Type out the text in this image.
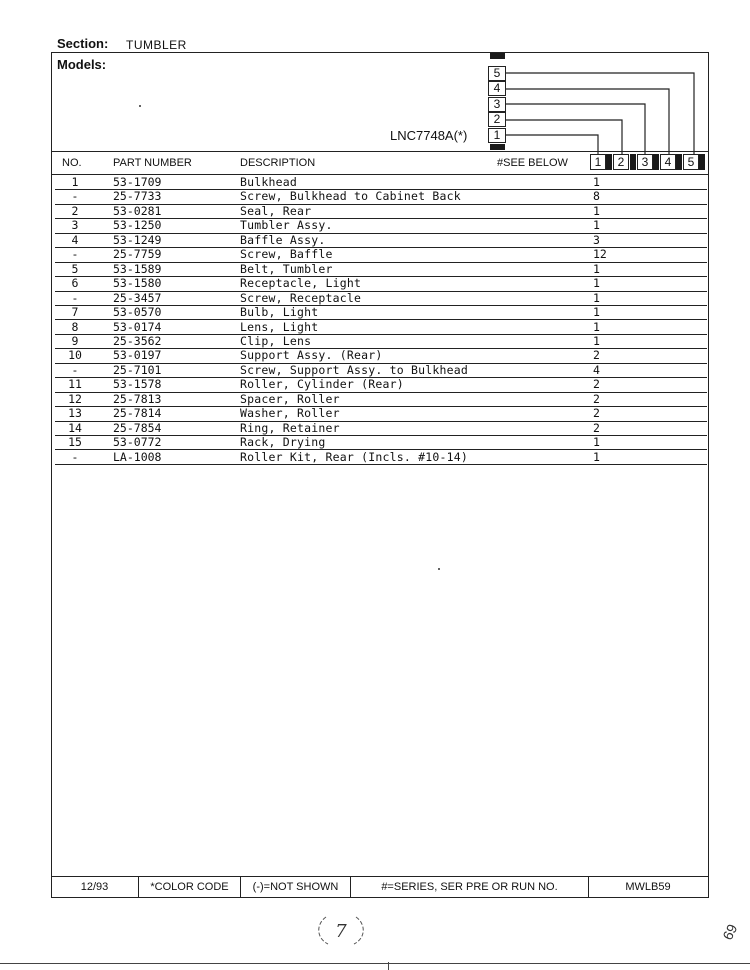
Section: TUMBLER
Models:
LNC7748A(*)
5
4
3
2
1
NO.	PART NUMBER	DESCRIPTION	#SEE BELOW	1	2	3	4	5
1	53-1709	Bulkhead	1
-	25-7733	Screw, Bulkhead to Cabinet Back	8
2	53-0281	Seal, Rear	1
3	53-1250	Tumbler Assy.	1
4	53-1249	Baffle Assy.	3
-	25-7759	Screw, Baffle	12
5	53-1589	Belt, Tumbler	1
6	53-1580	Receptacle, Light	1
-	25-3457	Screw, Receptacle	1
7	53-0570	Bulb, Light	1
8	53-0174	Lens, Light	1
9	25-3562	Clip, Lens	1
10	53-0197	Support Assy. (Rear)	2
-	25-7101	Screw, Support Assy. to Bulkhead	4
11	53-1578	Roller, Cylinder (Rear)	2
12	25-7813	Spacer, Roller	2
13	25-7814	Washer, Roller	2
14	25-7854	Ring, Retainer	2
15	53-0772	Rack, Drying	1
-	LA-1008	Roller Kit, Rear (Incls. #10-14)	1
12/93	*COLOR CODE	(-)=NOT SHOWN	#=SERIES, SER PRE OR RUN NO.	MWLB59
7	69
